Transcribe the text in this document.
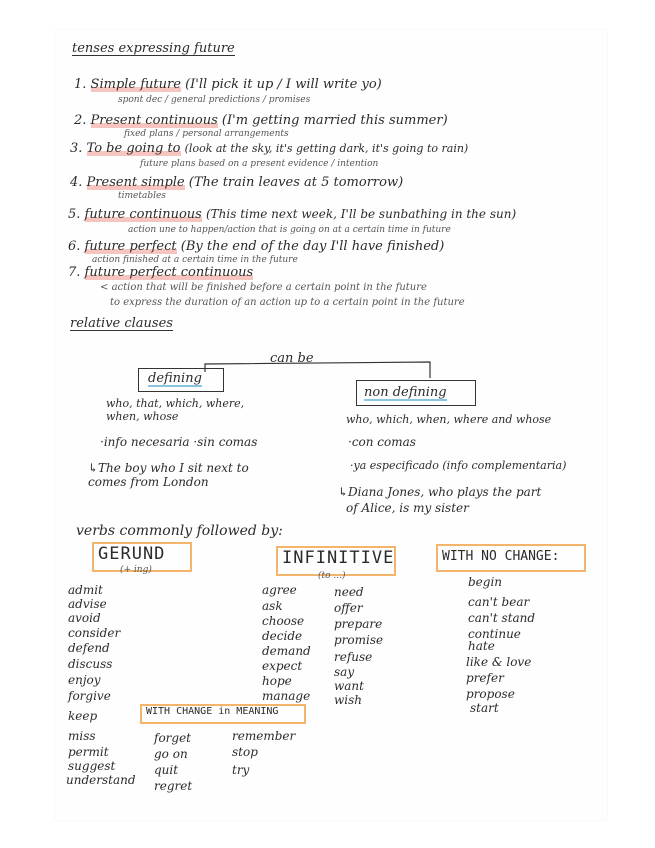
tenses expressing future
1. Simple future (I'll pick it up / I will write yo)
spont dec / general predictions / promises
2. Present continuous (I'm getting married this summer)
fixed plans / personal arrangements
3. To be going to (look at the sky, it's getting dark, it's going to rain)
future plans based on a present evidence / intention
4. Present simple (The train leaves at 5 tomorrow)
timetables
5. future continuous (This time next week, I'll be sunbathing in the sun)
action une to happen/action that is going on at a certain time in future
6. future perfect (By the end of the day I'll have finished)
action finished at a certain time in the future
7. future perfect continuous
< action that will be finished before a certain point in the future
to express the duration of an action up to a certain point in the future
relative clauses
can be
defining
who, that, which, where,
when, whose
·info necesaria ·sin comas
↳The boy who I sit next to
comes from London
non defining
who, which, when, where and whose
·con comas
·ya especificado (info complementaria)
↳Diana Jones, who plays the part
of Alice, is my sister
verbs commonly followed by:
GERUND
(+ ing)
INFINITIVE
(to ...)
WITH NO CHANGE:
admit
advise
avoid
consider
defend
discuss
enjoy
forgive
keep
miss
permit
suggest
understand
agree
ask
choose
decide
demand
expect
hope
manage
need
offer
prepare
promise
refuse
say
want
wish
begin
can't bear
can't stand
continue
hate
like & love
prefer
propose
start
WITH CHANGE in MEANING
forget
go on
quit
regret
remember
stop
try
